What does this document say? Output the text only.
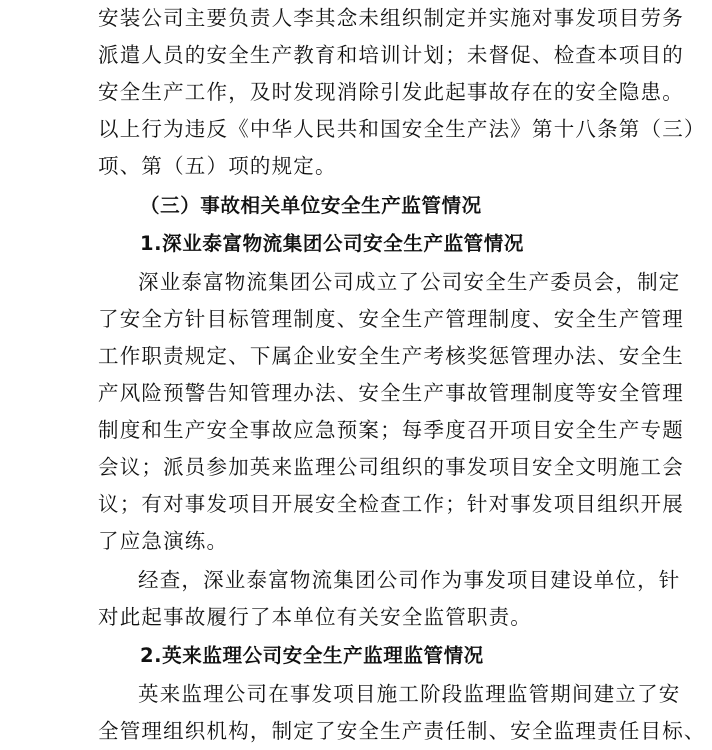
安装公司主要负责人李其念未组织制定并实施对事发项目劳务
派遣人员的安全生产教育和培训计划；未督促、检查本项目的
安全生产工作，及时发现消除引发此起事故存在的安全隐患。
以上行为违反《中华人民共和国安全生产法》第十八条第（三）
项、第（五）项的规定。
（三）事故相关单位安全生产监管情况
1.深业泰富物流集团公司安全生产监管情况
深业泰富物流集团公司成立了公司安全生产委员会，制定
了安全方针目标管理制度、安全生产管理制度、安全生产管理
工作职责规定、下属企业安全生产考核奖惩管理办法、安全生
产风险预警告知管理办法、安全生产事故管理制度等安全管理
制度和生产安全事故应急预案；每季度召开项目安全生产专题
会议；派员参加英来监理公司组织的事发项目安全文明施工会
议；有对事发项目开展安全检查工作；针对事发项目组织开展
了应急演练。
经查，深业泰富物流集团公司作为事发项目建设单位，针
对此起事故履行了本单位有关安全监管职责。
2.英来监理公司安全生产监理监管情况
英来监理公司在事发项目施工阶段监理监管期间建立了安
全管理组织机构，制定了安全生产责任制、安全监理责任目标、
